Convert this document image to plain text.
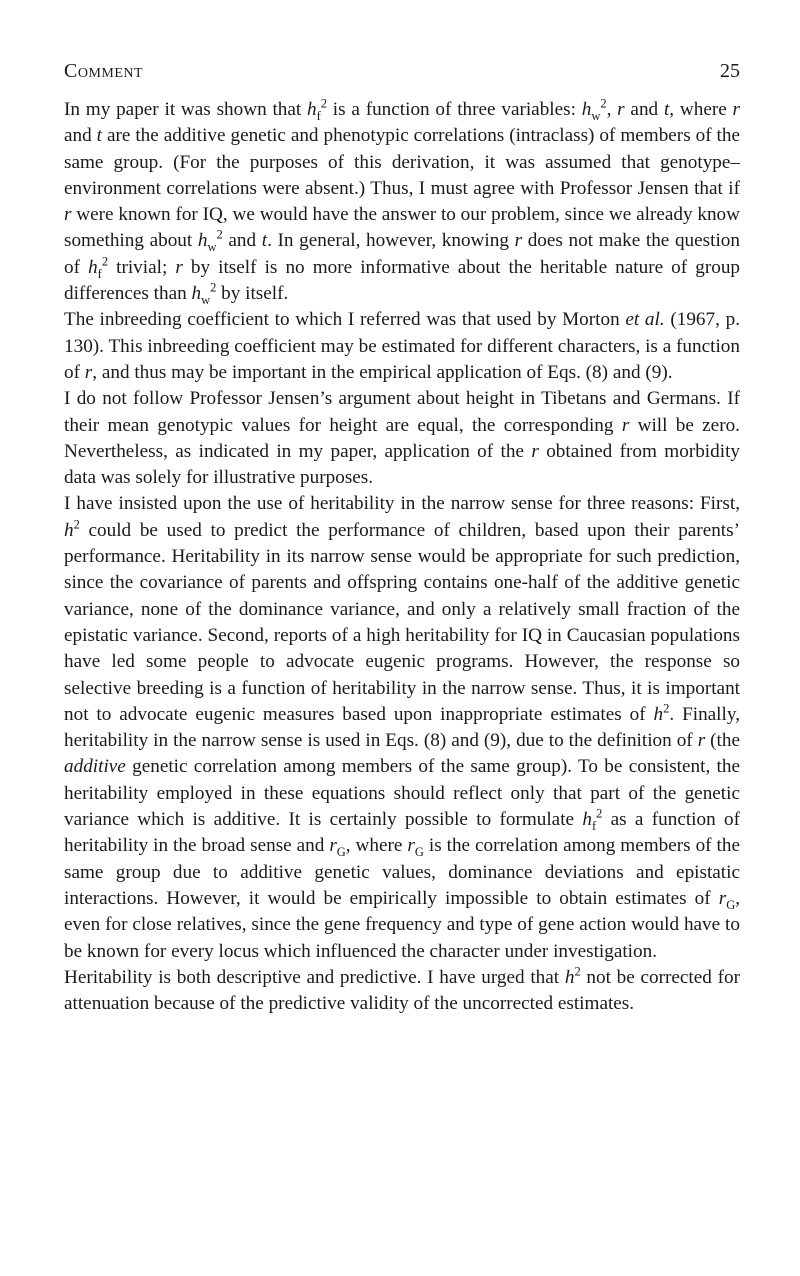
Comment	25

In my paper it was shown that $h_f^2$ is a function of three variables: $h_w^2$, r and t, where r and t are the additive genetic and phenotypic correlations (intraclass) of members of the same group. (For the purposes of this derivation, it was assumed that genotype–environment correlations were absent.) Thus, I must agree with Professor Jensen that if r were known for IQ, we would have the answer to our problem, since we already know something about $h_w^2$ and t. In general, however, knowing r does not make the question of $h_f^2$ trivial; r by itself is no more informative about the heritable nature of group differences than $h_w^2$ by itself.

The inbreeding coefficient to which I referred was that used by Morton et al. (1967, p. 130). This inbreeding coefficient may be estimated for different characters, is a function of r, and thus may be important in the empirical application of Eqs. (8) and (9).

I do not follow Professor Jensen’s argument about height in Tibetans and Germans. If their mean genotypic values for height are equal, the corresponding r will be zero. Nevertheless, as indicated in my paper, application of the r obtained from morbidity data was solely for illustrative purposes.

I have insisted upon the use of heritability in the narrow sense for three reasons: First, $h^2$ could be used to predict the performance of children, based upon their parents’ performance. Heritability in its narrow sense would be appropriate for such prediction, since the covariance of parents and offspring contains one-half of the additive genetic variance, none of the dominance variance, and only a relatively small fraction of the epistatic variance. Second, reports of a high heritability for IQ in Caucasian populations have led some people to advocate eugenic programs. However, the response so selective breeding is a function of heritability in the narrow sense. Thus, it is important not to advocate eugenic measures based upon inappropriate estimates of $h^2$. Finally, heritability in the narrow sense is used in Eqs. (8) and (9), due to the definition of r (the additive genetic correlation among members of the same group). To be consistent, the heritability employed in these equations should reflect only that part of the genetic variance which is additive. It is certainly possible to formulate $h_f^2$ as a function of heritability in the broad sense and $r_G$, where $r_G$ is the correlation among members of the same group due to additive genetic values, dominance deviations and epistatic interactions. However, it would be empirically impossible to obtain estimates of $r_G$, even for close relatives, since the gene frequency and type of gene action would have to be known for every locus which influenced the character under investigation.

Heritability is both descriptive and predictive. I have urged that $h^2$ not be corrected for attenuation because of the predictive validity of the uncorrected estimates.
